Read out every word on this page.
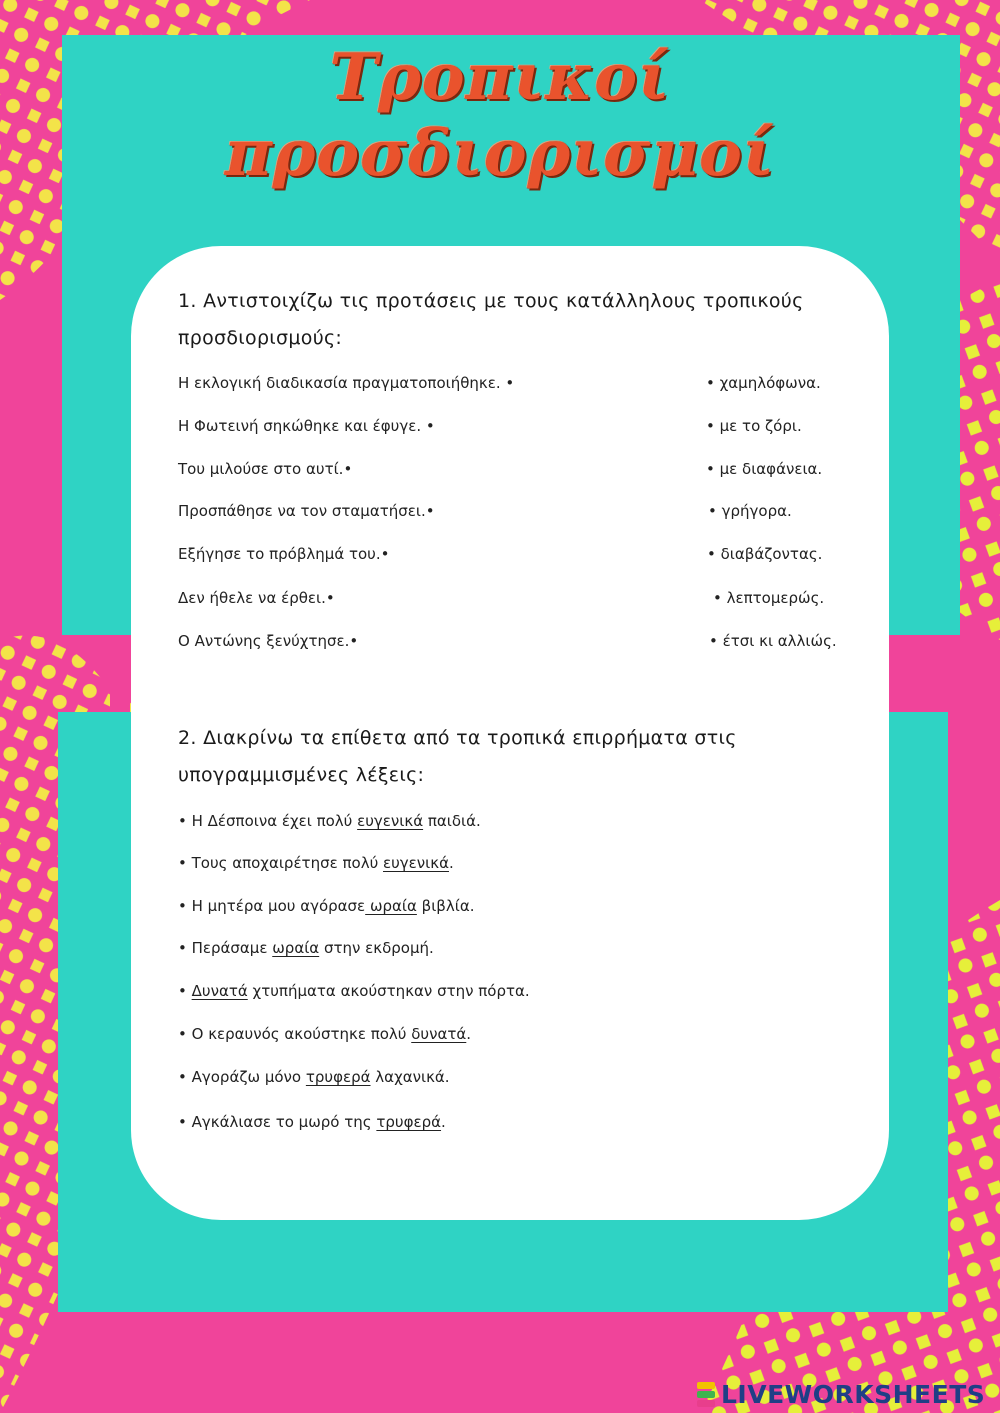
Τροπικοί
προσδιορισμοί
1. Αντιστοιχίζω τις προτάσεις με τους κατάλληλους τροπικούς
προσδιορισμούς:
Η εκλογική διαδικασία πραγματοποιήθηκε. •
Η Φωτεινή σηκώθηκε και έφυγε. •
Του μιλούσε στο αυτί.•
Προσπάθησε να τον σταματήσει.•
Εξήγησε το πρόβλημά του.•
Δεν ήθελε να έρθει.•
Ο Αντώνης ξενύχτησε.•
• χαμηλόφωνα.
• με το ζόρι.
• με διαφάνεια.
• γρήγορα.
• διαβάζοντας.
• λεπτομερώς.
• έτσι κι αλλιώς.
2. Διακρίνω τα επίθετα από τα τροπικά επιρρήματα στις
υπογραμμισμένες λέξεις:
• Η Δέσποινα έχει πολύ ευγενικά παιδιά.
• Τους αποχαιρέτησε πολύ ευγενικά.
• Η μητέρα μου αγόρασε ωραία βιβλία.
• Περάσαμε ωραία στην εκδρομή.
• Δυνατά χτυπήματα ακούστηκαν στην πόρτα.
• Ο κεραυνός ακούστηκε πολύ δυνατά.
• Αγοράζω μόνο τρυφερά λαχανικά.
• Αγκάλιασε το μωρό της τρυφερά.
LIVEWORKSHEETS
